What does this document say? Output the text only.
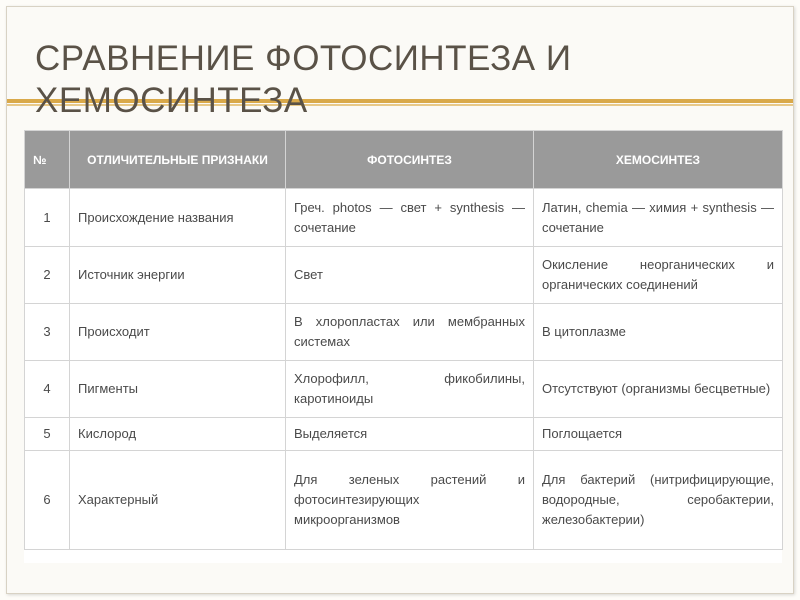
СРАВНЕНИЕ ФОТОСИНТЕЗА И
ХЕМОСИНТЕЗА
№	ОТЛИЧИТЕЛЬНЫЕ ПРИЗНАКИ	ФОТОСИНТЕЗ	ХЕМОСИНТЕЗ
1	Происхождение названия	Греч. photos — свет + synthesis — сочетание	Латин, chemia — химия + synthesis — сочетание
2	Источник энергии	Свет	Окисление неорганических и органических соединений
3	Происходит	В хлоропластах или мембранных системах	В цитоплазме
4	Пигменты	Хлорофилл, фикобилины, каротиноиды	Отсутствуют (организмы бесцветные)
5	Кислород	Выделяется	Поглощается
6	Характерный	Для зеленых растений и фотосинтезирующих микроорганизмов	Для бактерий (нитрифицирующие, водородные, серобактерии, железобактерии)
